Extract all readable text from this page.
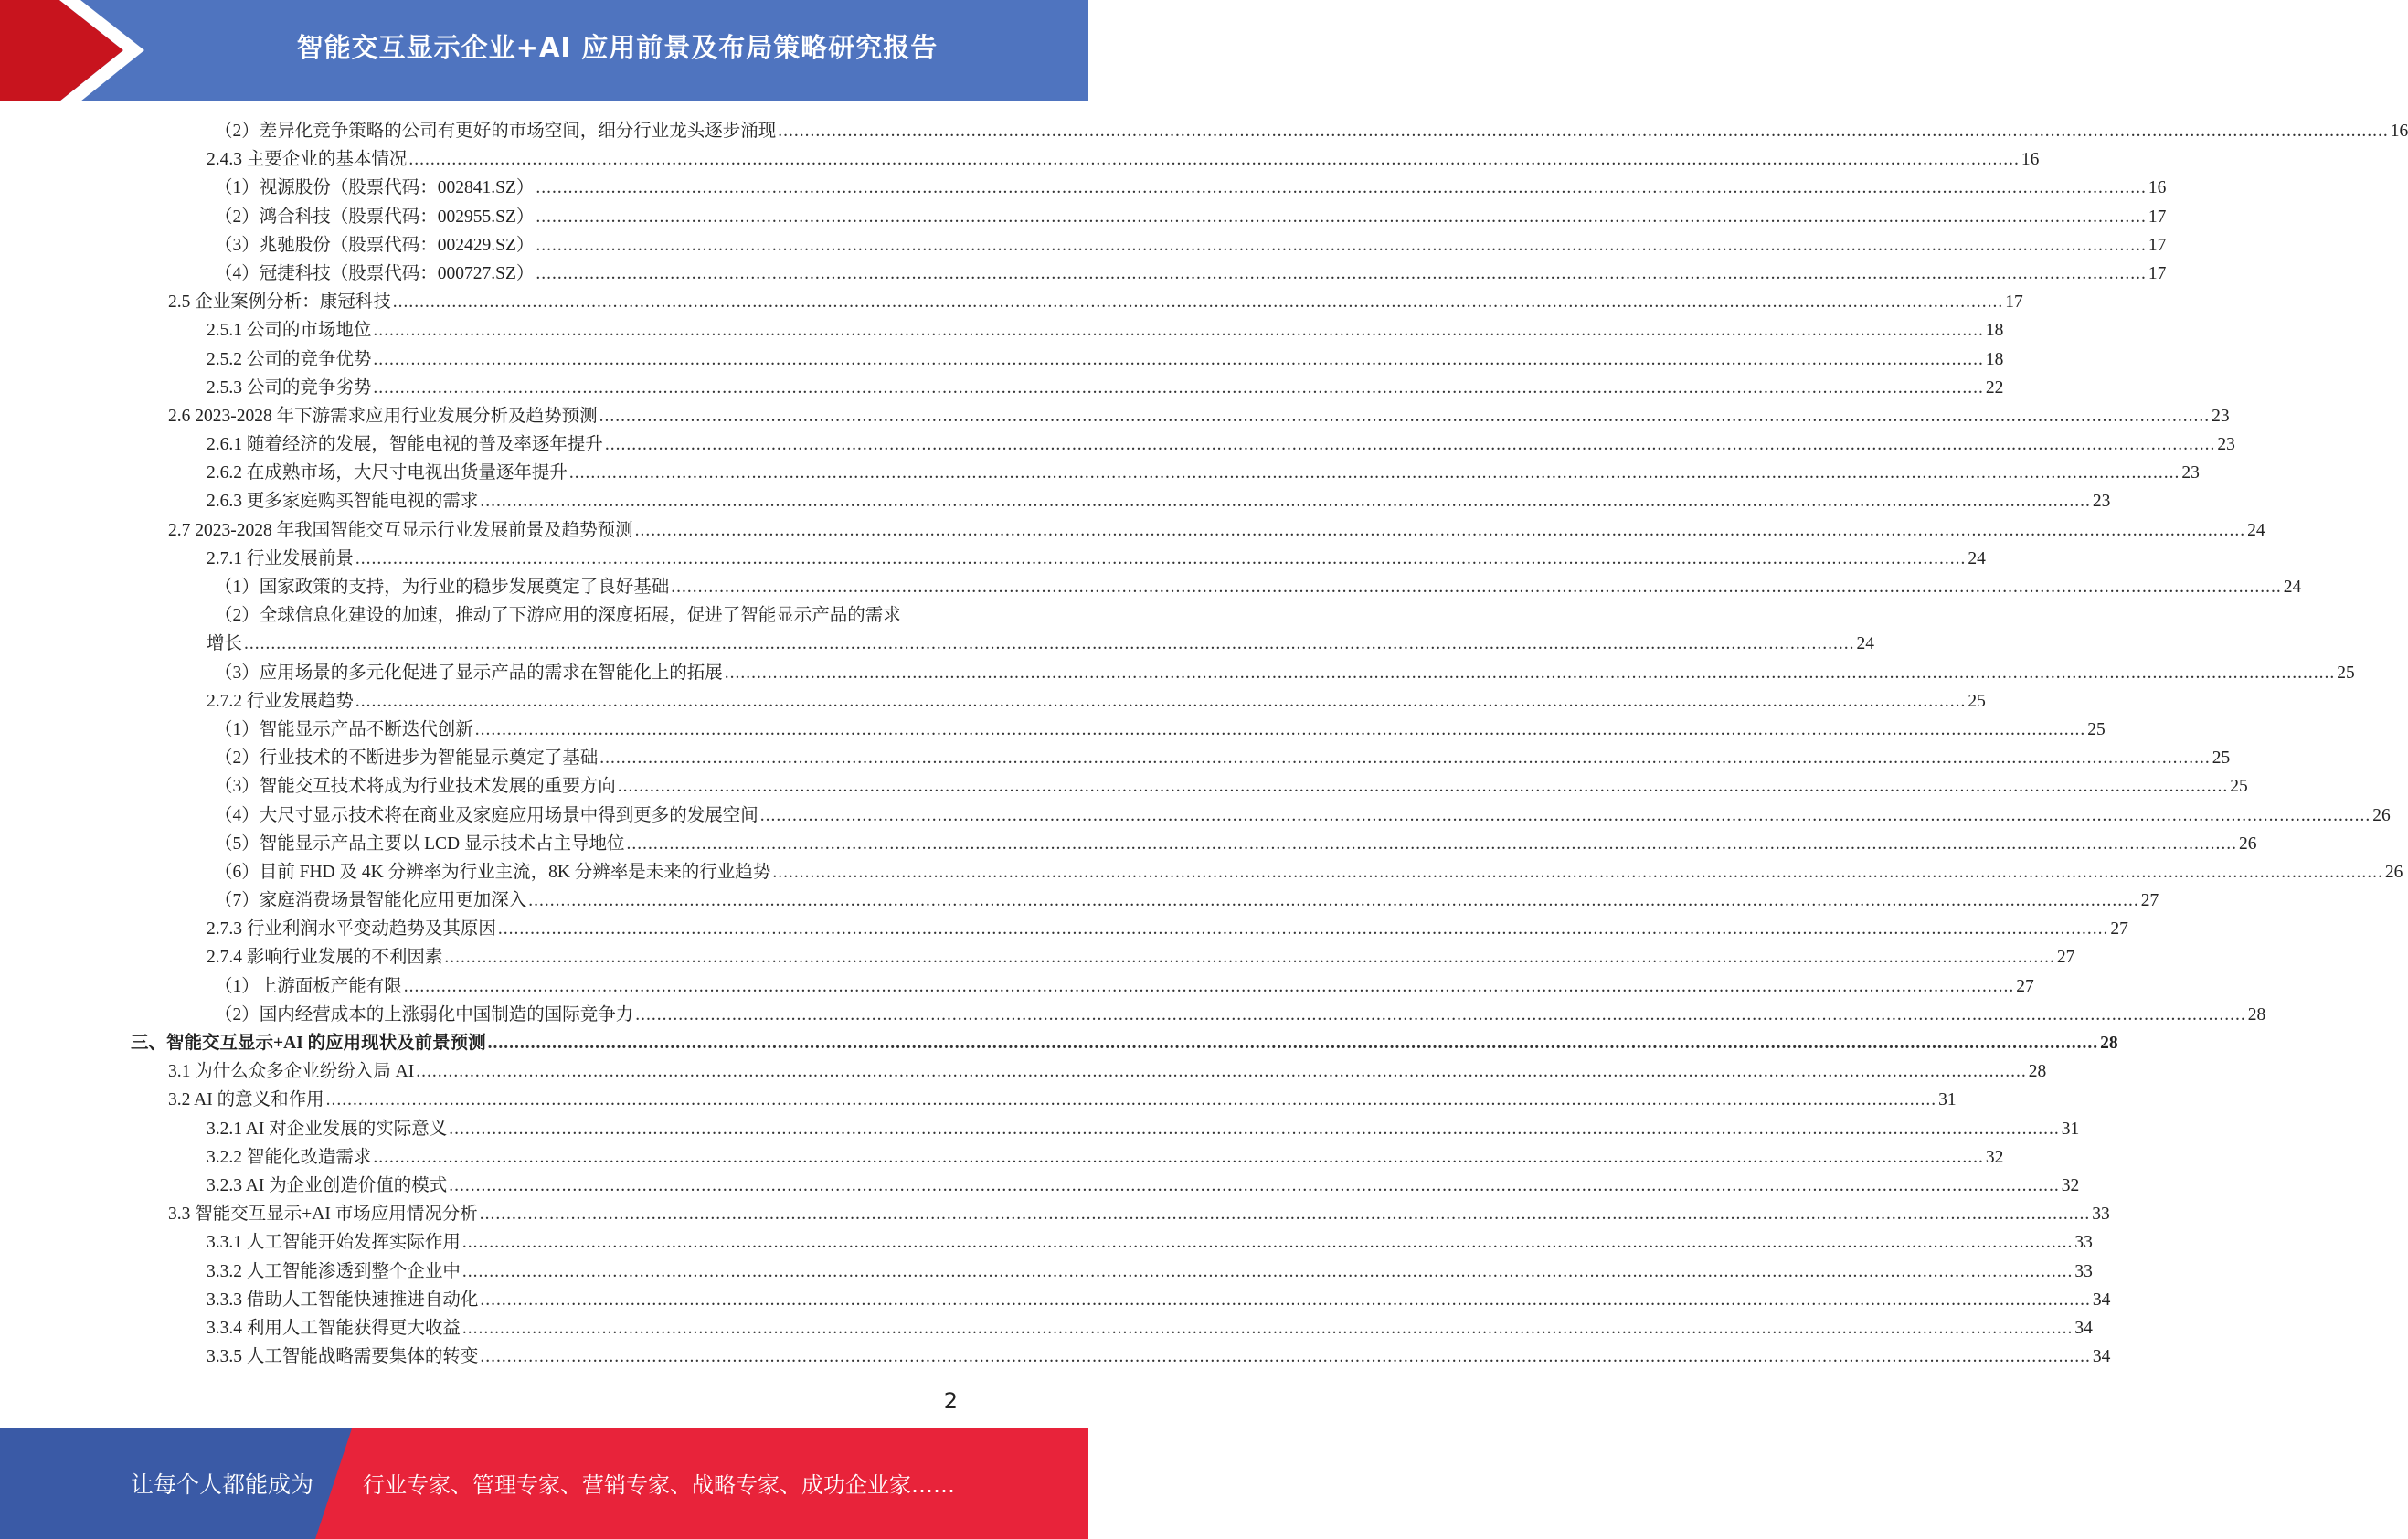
智能交互显示企业+AI 应用前景及布局策略研究报告
（2）差异化竞争策略的公司有更好的市场空间，细分行业龙头逐步涌现 ............................................................................................................................................................................................................................................................................................................ 16
2.4.3 主要企业的基本情况 ............................................................................................................................................................................................................................................................................................................ 16
（1）视源股份（股票代码：002841.SZ） ............................................................................................................................................................................................................................................................................................................ 16
（2）鸿合科技（股票代码：002955.SZ） ............................................................................................................................................................................................................................................................................................................ 17
（3）兆驰股份（股票代码：002429.SZ） ............................................................................................................................................................................................................................................................................................................ 17
（4）冠捷科技（股票代码：000727.SZ） ............................................................................................................................................................................................................................................................................................................ 17
2.5 企业案例分析：康冠科技 ............................................................................................................................................................................................................................................................................................................ 17
2.5.1 公司的市场地位 ............................................................................................................................................................................................................................................................................................................ 18
2.5.2 公司的竞争优势 ............................................................................................................................................................................................................................................................................................................ 18
2.5.3 公司的竞争劣势 ............................................................................................................................................................................................................................................................................................................ 22
2.6 2023-2028 年下游需求应用行业发展分析及趋势预测 ............................................................................................................................................................................................................................................................................................................ 23
2.6.1 随着经济的发展，智能电视的普及率逐年提升 ............................................................................................................................................................................................................................................................................................................ 23
2.6.2 在成熟市场，大尺寸电视出货量逐年提升 ............................................................................................................................................................................................................................................................................................................ 23
2.6.3 更多家庭购买智能电视的需求 ............................................................................................................................................................................................................................................................................................................ 23
2.7 2023-2028 年我国智能交互显示行业发展前景及趋势预测 ............................................................................................................................................................................................................................................................................................................ 24
2.7.1 行业发展前景 ............................................................................................................................................................................................................................................................................................................ 24
（1）国家政策的支持，为行业的稳步发展奠定了良好基础 ............................................................................................................................................................................................................................................................................................................ 24
（2）全球信息化建设的加速，推动了下游应用的深度拓展，促进了智能显示产品的需求
增长 ............................................................................................................................................................................................................................................................................................................ 24
（3）应用场景的多元化促进了显示产品的需求在智能化上的拓展 ............................................................................................................................................................................................................................................................................................................ 25
2.7.2 行业发展趋势 ............................................................................................................................................................................................................................................................................................................ 25
（1）智能显示产品不断迭代创新 ............................................................................................................................................................................................................................................................................................................ 25
（2）行业技术的不断进步为智能显示奠定了基础 ............................................................................................................................................................................................................................................................................................................ 25
（3）智能交互技术将成为行业技术发展的重要方向 ............................................................................................................................................................................................................................................................................................................ 25
（4）大尺寸显示技术将在商业及家庭应用场景中得到更多的发展空间 ............................................................................................................................................................................................................................................................................................................ 26
（5）智能显示产品主要以 LCD 显示技术占主导地位 ............................................................................................................................................................................................................................................................................................................ 26
（6）目前 FHD 及 4K 分辨率为行业主流，8K 分辨率是未来的行业趋势 ............................................................................................................................................................................................................................................................................................................ 26
（7）家庭消费场景智能化应用更加深入 ............................................................................................................................................................................................................................................................................................................ 27
2.7.3 行业利润水平变动趋势及其原因 ............................................................................................................................................................................................................................................................................................................ 27
2.7.4 影响行业发展的不利因素 ............................................................................................................................................................................................................................................................................................................ 27
（1）上游面板产能有限 ............................................................................................................................................................................................................................................................................................................ 27
（2）国内经营成本的上涨弱化中国制造的国际竞争力 ............................................................................................................................................................................................................................................................................................................ 28
三、智能交互显示+AI 的应用现状及前景预测 ............................................................................................................................................................................................................................................................................................................ 28
3.1 为什么众多企业纷纷入局 AI ............................................................................................................................................................................................................................................................................................................ 28
3.2 AI 的意义和作用 ............................................................................................................................................................................................................................................................................................................ 31
3.2.1 AI 对企业发展的实际意义 ............................................................................................................................................................................................................................................................................................................ 31
3.2.2 智能化改造需求 ............................................................................................................................................................................................................................................................................................................ 32
3.2.3 AI 为企业创造价值的模式 ............................................................................................................................................................................................................................................................................................................ 32
3.3 智能交互显示+AI 市场应用情况分析 ............................................................................................................................................................................................................................................................................................................ 33
3.3.1 人工智能开始发挥实际作用 ............................................................................................................................................................................................................................................................................................................ 33
3.3.2 人工智能渗透到整个企业中 ............................................................................................................................................................................................................................................................................................................ 33
3.3.3 借助人工智能快速推进自动化 ............................................................................................................................................................................................................................................................................................................ 34
3.3.4 利用人工智能获得更大收益 ............................................................................................................................................................................................................................................................................................................ 34
3.3.5 人工智能战略需要集体的转变 ............................................................................................................................................................................................................................................................................................................ 34
2
让每个人都能成为 行业专家、管理专家、营销专家、战略专家、成功企业家……
